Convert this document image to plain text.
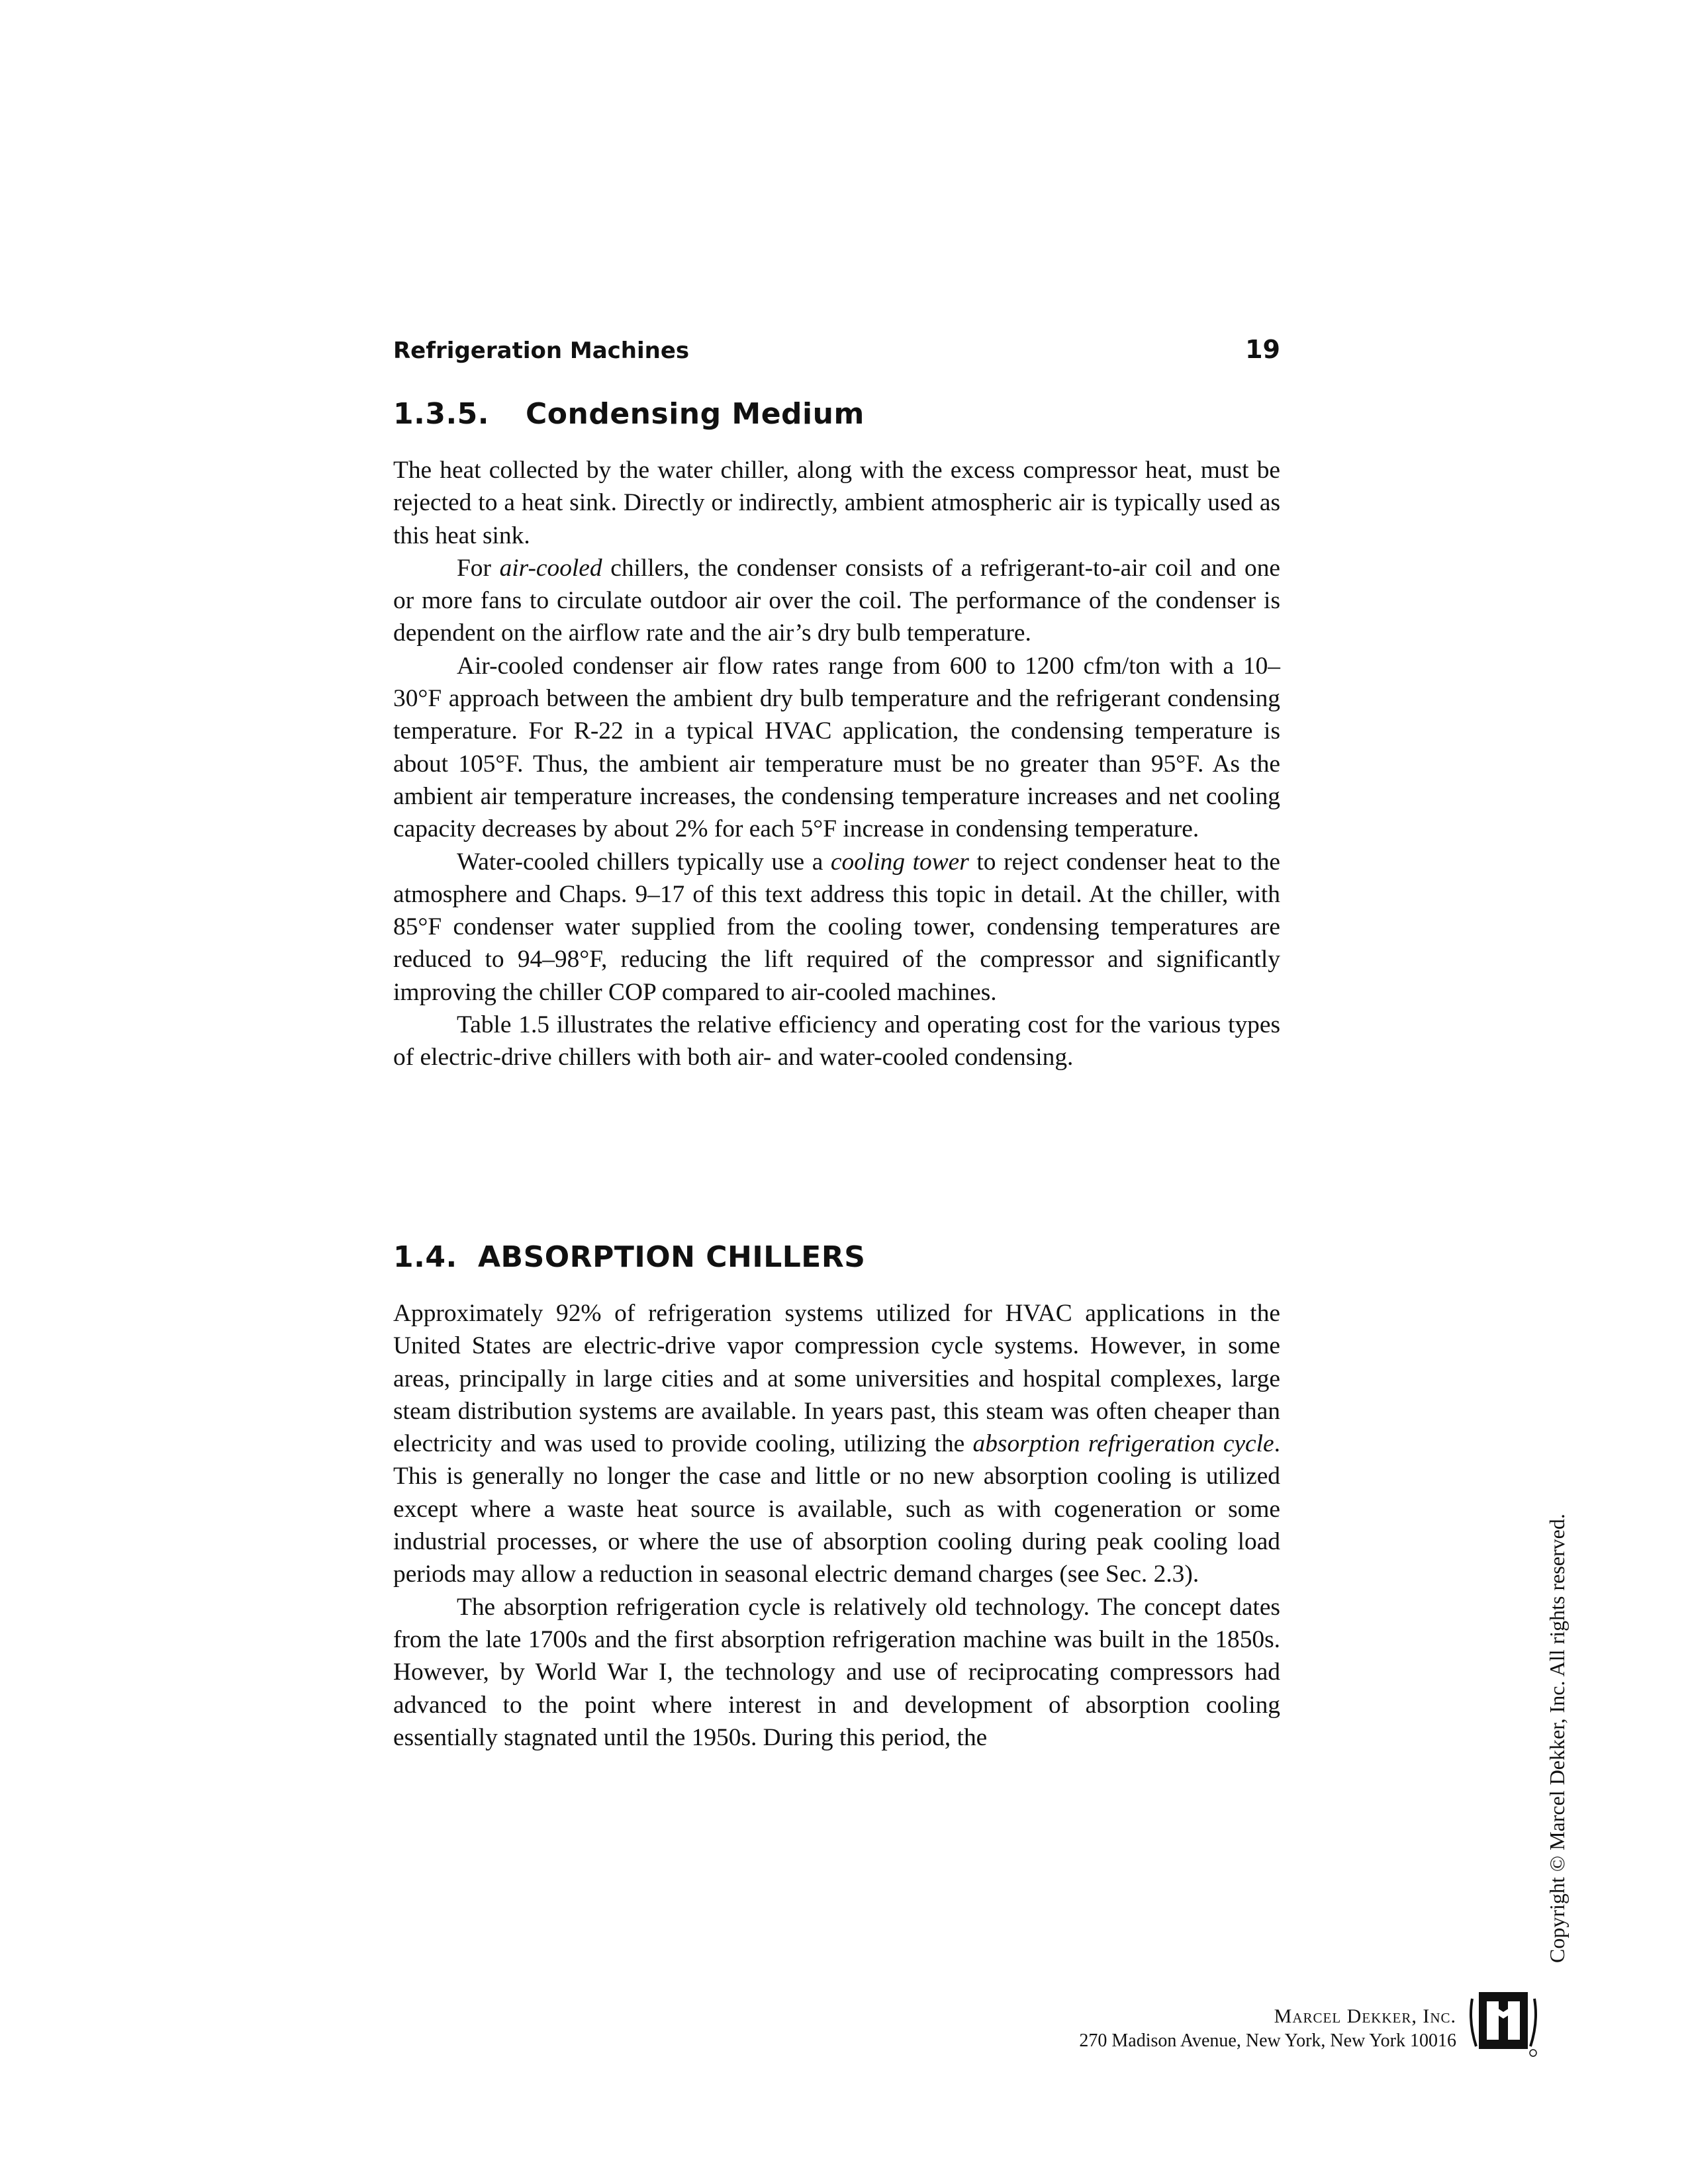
Refrigeration Machines	19
1.3.5. Condensing Medium

The heat collected by the water chiller, along with the excess compressor heat, must be rejected to a heat sink. Directly or indirectly, ambient atmospheric air is typically used as this heat sink.

For air-cooled chillers, the condenser consists of a refrigerant-to-air coil and one or more fans to circulate outdoor air over the coil. The performance of the condenser is dependent on the airflow rate and the air’s dry bulb temperature.

Air-cooled condenser air flow rates range from 600 to 1200 cfm/ton with a 10–30°F approach between the ambient dry bulb temperature and the refrigerant condensing temperature. For R-22 in a typical HVAC application, the condensing temperature is about 105°F. Thus, the ambient air temperature must be no greater than 95°F. As the ambient air temperature increases, the condensing temperature increases and net cooling capacity decreases by about 2% for each 5°F increase in condensing temperature.

Water-cooled chillers typically use a cooling tower to reject condenser heat to the atmosphere and Chaps. 9–17 of this text address this topic in detail. At the chiller, with 85°F condenser water supplied from the cooling tower, condensing temperatures are reduced to 94–98°F, reducing the lift required of the compressor and significantly improving the chiller COP compared to air-cooled machines.

Table 1.5 illustrates the relative efficiency and operating cost for the various types of electric-drive chillers with both air- and water-cooled condensing.

1.4. ABSORPTION CHILLERS

Approximately 92% of refrigeration systems utilized for HVAC applications in the United States are electric-drive vapor compression cycle systems. However, in some areas, principally in large cities and at some universities and hospital complexes, large steam distribution systems are available. In years past, this steam was often cheaper than electricity and was used to provide cooling, utilizing the absorption refrigeration cycle. This is generally no longer the case and little or no new absorption cooling is utilized except where a waste heat source is available, such as with cogeneration or some industrial processes, or where the use of absorption cooling during peak cooling load periods may allow a reduction in seasonal electric demand charges (see Sec. 2.3).

The absorption refrigeration cycle is relatively old technology. The concept dates from the late 1700s and the first absorption refrigeration machine was built in the 1850s. However, by World War I, the technology and use of reciprocating compressors had advanced to the point where interest in and development of absorption cooling essentially stagnated until the 1950s. During this period, the	Copyright © Marcel Dekker, Inc. All rights reserved.
Marcel Dekker, Inc.
270 Madison Avenue, New York, New York 10016
